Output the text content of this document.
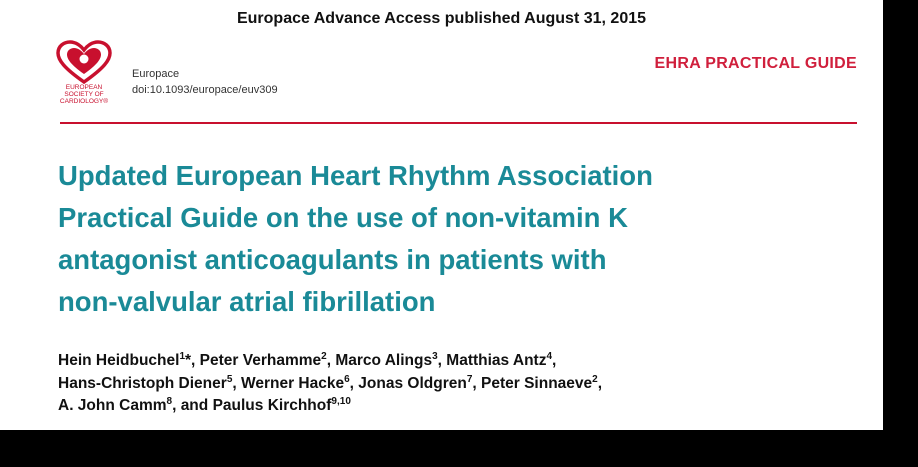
Europace Advance Access published August 31, 2015
EUROPEAN
SOCIETY OF
CARDIOLOGY®
Europace
doi:10.1093/europace/euv309
EHRA PRACTICAL GUIDE
Updated European Heart Rhythm Association
Practical Guide on the use of non-vitamin K
antagonist anticoagulants in patients with
non-valvular atrial fibrillation
Hein Heidbuchel$^1$*, Peter Verhamme$^2$, Marco Alings$^3$, Matthias Antz$^4$,
Hans-Christoph Diener$^5$, Werner Hacke$^6$, Jonas Oldgren$^7$, Peter Sinnaeve$^2$,
A. John Camm$^8$, and Paulus Kirchhof$^{9,10}$
